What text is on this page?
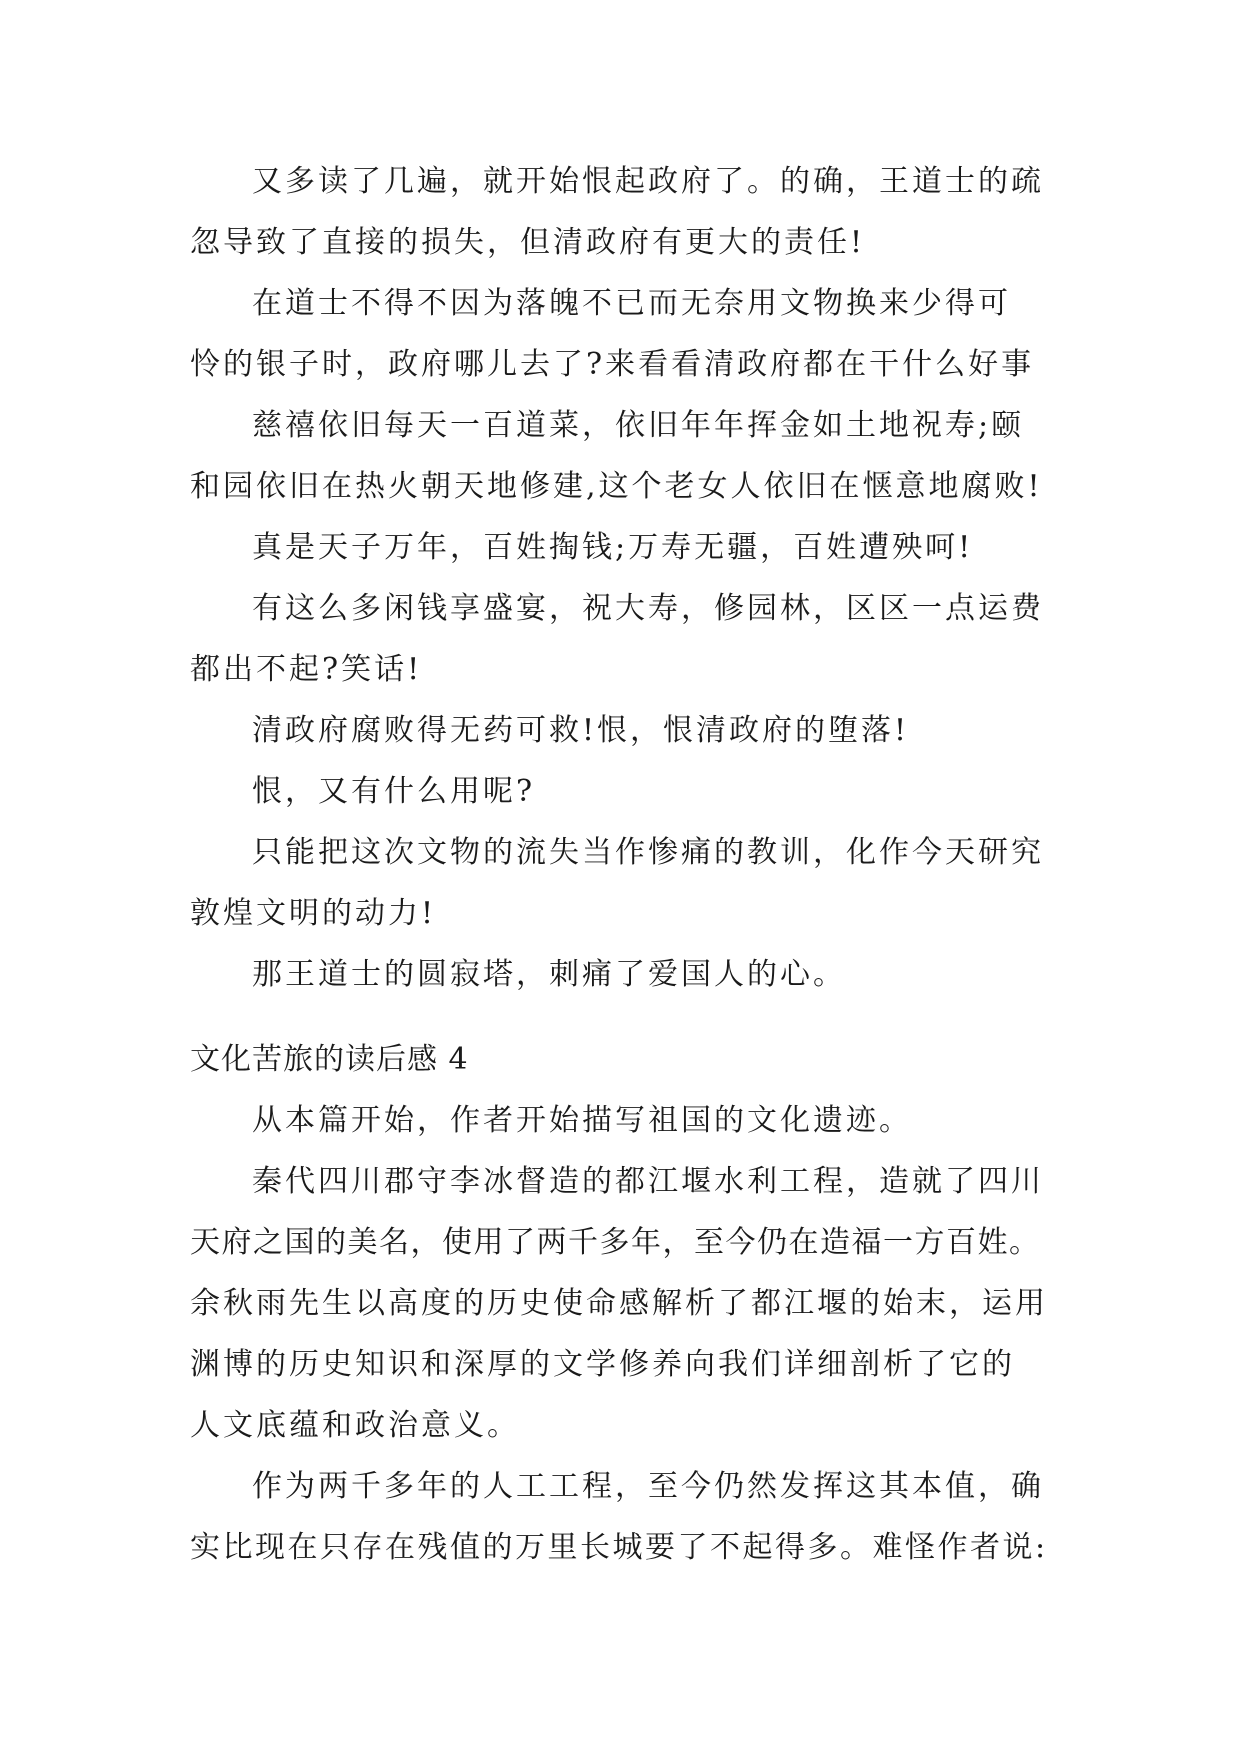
又多读了几遍，就开始恨起政府了。的确，王道士的疏
忽导致了直接的损失，但清政府有更大的责任!
在道士不得不因为落魄不已而无奈用文物换来少得可
怜的银子时，政府哪儿去了?来看看清政府都在干什么好事
慈禧依旧每天一百道菜，依旧年年挥金如土地祝寿;颐
和园依旧在热火朝天地修建,这个老女人依旧在惬意地腐败!
真是天子万年，百姓掏钱;万寿无疆，百姓遭殃呵!
有这么多闲钱享盛宴，祝大寿，修园林，区区一点运费
都出不起?笑话!
清政府腐败得无药可救!恨，恨清政府的堕落!
恨，又有什么用呢?
只能把这次文物的流失当作惨痛的教训，化作今天研究
敦煌文明的动力!
那王道士的圆寂塔，刺痛了爱国人的心。
文化苦旅的读后感 4
从本篇开始，作者开始描写祖国的文化遗迹。
秦代四川郡守李冰督造的都江堰水利工程，造就了四川
天府之国的美名，使用了两千多年，至今仍在造福一方百姓。
余秋雨先生以高度的历史使命感解析了都江堰的始末，运用
渊博的历史知识和深厚的文学修养向我们详细剖析了它的
人文底蕴和政治意义。
作为两千多年的人工工程，至今仍然发挥这其本值，确
实比现在只存在残值的万里长城要了不起得多。难怪作者说:
